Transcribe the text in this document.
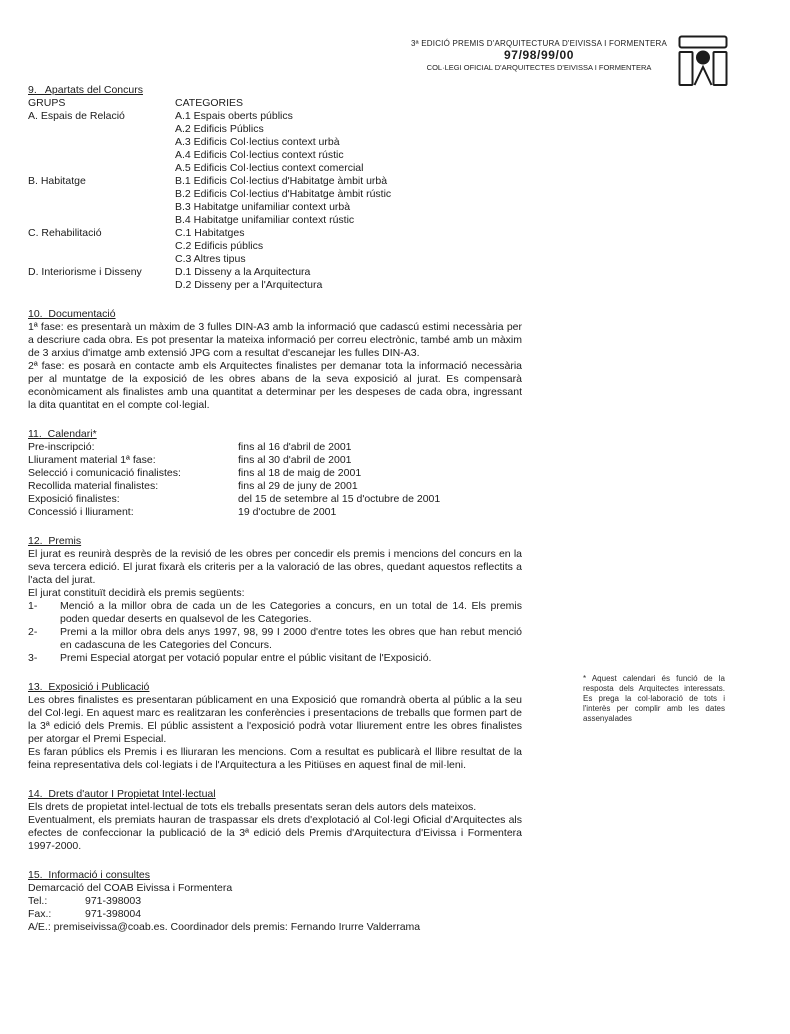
3ª EDICIÓ PREMIS D'ARQUITECTURA D'EIVISSA I FORMENTERA
97/98/99/00
COL·LEGI OFICIAL D'ARQUITECTES D'EIVISSA I FORMENTERA

9.   Apartats del Concurs

GRUPS	CATEGORIES
A. Espais de Relació	A.1 Espais oberts públics
A.2 Edificis Públics
A.3 Edificis Col·lectius context urbà
A.4 Edificis Col·lectius context rústic
A.5 Edificis Col·lectius context comercial
B. Habitatge	B.1 Edificis Col·lectius d'Habitatge àmbit urbà
B.2 Edificis Col·lectius d'Habitatge àmbit rústic
B.3 Habitatge unifamiliar context urbà
B.4 Habitatge unifamiliar context rústic
C. Rehabilitació	C.1 Habitatges
C.2 Edificis públics
C.3 Altres tipus
D. Interiorisme i Disseny	D.1 Disseny a la Arquitectura
D.2 Disseny per a l'Arquitectura

10.  Documentació

1ª fase: es presentarà un màxim de 3 fulles DIN-A3 amb la informació que cadascú estimi necessària per a descriure cada obra. Es pot presentar la mateixa informació per correu electrònic, també amb un màxim de 3 arxius d'imatge amb extensió JPG com a resultat d'escanejar les fulles DIN-A3.

2ª fase: es posarà en contacte amb els Arquitectes finalistes per demanar tota la informació necessària per al muntatge de la exposició de les obres abans de la seva exposició al jurat. Es compensarà econòmicament als finalistes amb una quantitat a determinar per les despeses de cada obra, ingressant la dita quantitat en el compte col·legial.

11.  Calendari*

Pre-inscripció:	fins al 16 d'abril de 2001
Lliurament material 1ª fase:	fins al 30 d'abril de 2001
Selecció i comunicació finalistes:	fins al 18 de maig de 2001
Recollida material finalistes:	fins al 29 de juny de 2001
Exposició finalistes:	del 15 de setembre al 15 d'octubre de 2001
Concessió i lliurament:	19 d'octubre de 2001

12.  Premis

El jurat es reunirà desprès de la revisió de les obres per concedir els premis i mencions del concurs en la seva tercera edició. El jurat fixarà els criteris per a la valoració de las obres, quedant aquestos reflectits a l'acta del jurat.

El jurat constituït decidirà els premis següents:

1-	Menció a la millor obra de cada un de les Categories a concurs, en un total de 14. Els premis poden quedar deserts en qualsevol de les Categories.
2-	Premi a la millor obra dels anys 1997, 98, 99 I 2000 d'entre totes les obres que han rebut menció en cadascuna de les Categories del Concurs.
3-	Premi Especial atorgat per votació popular entre el públic visitant de l'Exposició.

13.  Exposició i Publicació

Les obres finalistes es presentaran públicament en una Exposició que romandrà oberta al públic a la seu del Col·legi. En aquest marc es realitzaran les conferències i presentacions de treballs que formen part de la 3ª edició dels Premis. El públic assistent a l'exposició podrà votar lliurement entre les obres finalistes per atorgar el Premi Especial.

Es faran públics els Premis i es lliuraran les mencions. Com a resultat es publicarà el llibre resultat de la feina representativa dels col·legiats i de l'Arquitectura a les Pitiüses en aquest final de mil·leni.

14.  Drets d'autor I Propietat Intel·lectual

Els drets de propietat intel·lectual de tots els treballs presentats seran dels autors dels mateixos.

Eventualment, els premiats hauran de traspassar els drets d'explotació al Col·legi Oficial d'Arquitectes als efectes de confeccionar la publicació de la 3ª edició dels Premis d'Arquitectura d'Eivissa i Formentera 1997-2000.

15.  Informació i consultes

Demarcació del COAB Eivissa i Formentera

Tel.:	971-398003
Fax.:	971-398004

A/E.: premiseivissa@coab.es. Coordinador dels premis: Fernando Irurre Valderrama

* Aquest calendari és funció de la resposta dels Arquitectes interessats. Es prega la col·laboració de tots i l'interès per complir amb les dates assenyalades
